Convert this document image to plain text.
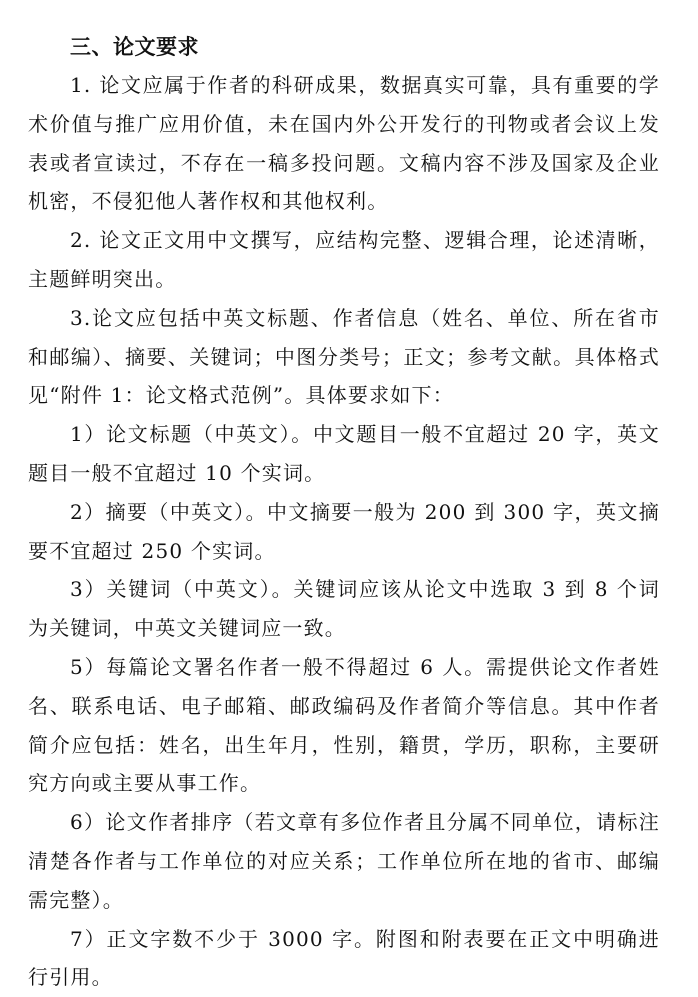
三、论文要求

1. 论文应属于作者的科研成果，数据真实可靠，具有重要的学术价值与推广应用价值，未在国内外公开发行的刊物或者会议上发表或者宣读过，不存在一稿多投问题。文稿内容不涉及国家及企业机密，不侵犯他人著作权和其他权利。

2. 论文正文用中文撰写，应结构完整、逻辑合理，论述清晰，主题鲜明突出。

3.论文应包括中英文标题、作者信息（姓名、单位、所在省市和邮编）、摘要、关键词；中图分类号；正文；参考文献。具体格式见“附件 1：论文格式范例”。具体要求如下：

1）论文标题（中英文）。中文题目一般不宜超过 20 字，英文题目一般不宜超过 10 个实词。

2）摘要（中英文）。中文摘要一般为 200 到 300 字，英文摘要不宜超过 250 个实词。

3）关键词（中英文）。关键词应该从论文中选取 3 到 8 个词为关键词，中英文关键词应一致。

5）每篇论文署名作者一般不得超过 6 人。需提供论文作者姓名、联系电话、电子邮箱、邮政编码及作者简介等信息。其中作者简介应包括：姓名，出生年月，性别，籍贯，学历，职称，主要研究方向或主要从事工作。

6）论文作者排序（若文章有多位作者且分属不同单位，请标注清楚各作者与工作单位的对应关系；工作单位所在地的省市、邮编需完整）。

7）正文字数不少于 3000 字。附图和附表要在正文中明确进行引用。
